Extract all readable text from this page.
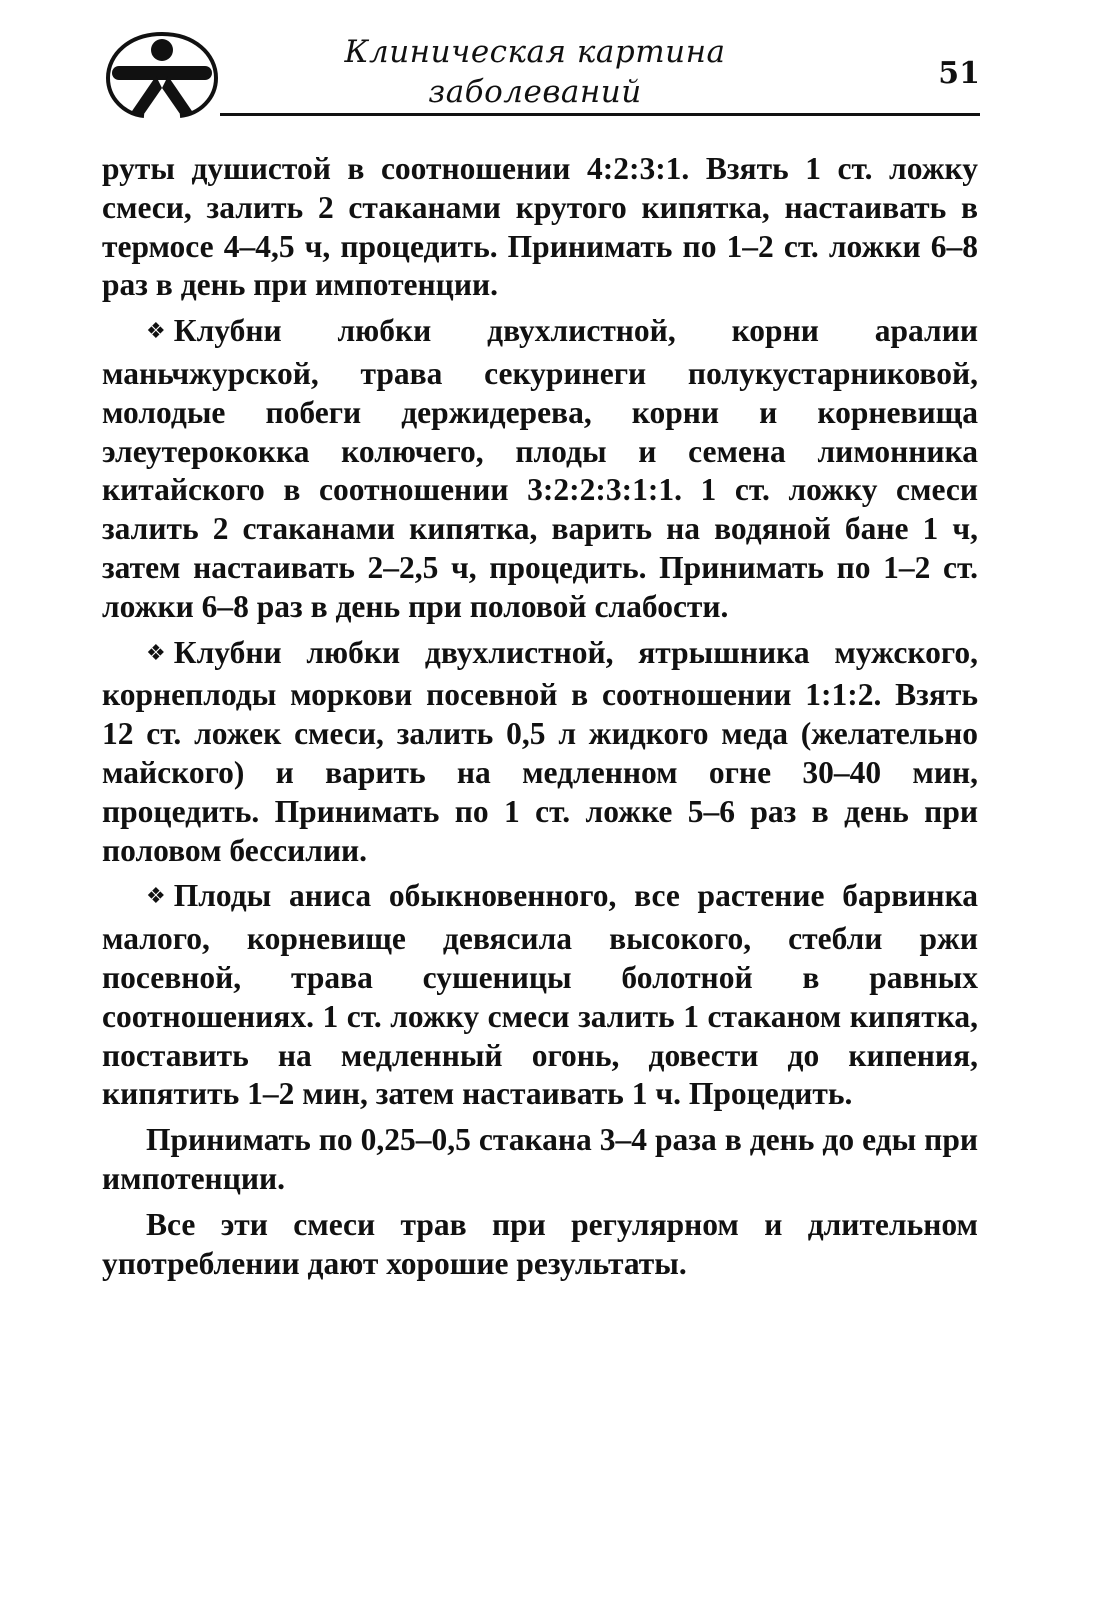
Клиническая картина
заболеваний
51

руты душистой в соотношении 4:2:3:1. Взять 1 ст. ложку смеси, залить 2 стаканами крутого кипятка, настаивать в термосе 4–4,5 ч, процедить. Принимать по 1–2 ст. ложки 6–8 раз в день при импотенции.

❖ Клубни любки двухлистной, корни аралии маньчжурской, трава секуринеги полукустарниковой, молодые побеги держидерева, корни и корневища элеутерококка колючего, плоды и семена лимонника китайского в соотношении 3:2:2:3:1:1. 1 ст. ложку смеси залить 2 стаканами кипятка, варить на водяной бане 1 ч, затем настаивать 2–2,5 ч, процедить. Принимать по 1–2 ст. ложки 6–8 раз в день при половой слабости.

❖ Клубни любки двухлистной, ятрышника мужского, корнеплоды моркови посевной в соотношении 1:1:2. Взять 12 ст. ложек смеси, залить 0,5 л жидкого меда (желательно майского) и варить на медленном огне 30–40 мин, процедить. Принимать по 1 ст. ложке 5–6 раз в день при половом бессилии.

❖ Плоды аниса обыкновенного, все растение барвинка малого, корневище девясила высокого, стебли ржи посевной, трава сушеницы болотной в равных соотношениях. 1 ст. ложку смеси залить 1 стаканом кипятка, поставить на медленный огонь, довести до кипения, кипятить 1–2 мин, затем настаивать 1 ч. Процедить.

Принимать по 0,25–0,5 стакана 3–4 раза в день до еды при импотенции.

Все эти смеси трав при регулярном и длительном употреблении дают хорошие результаты.
